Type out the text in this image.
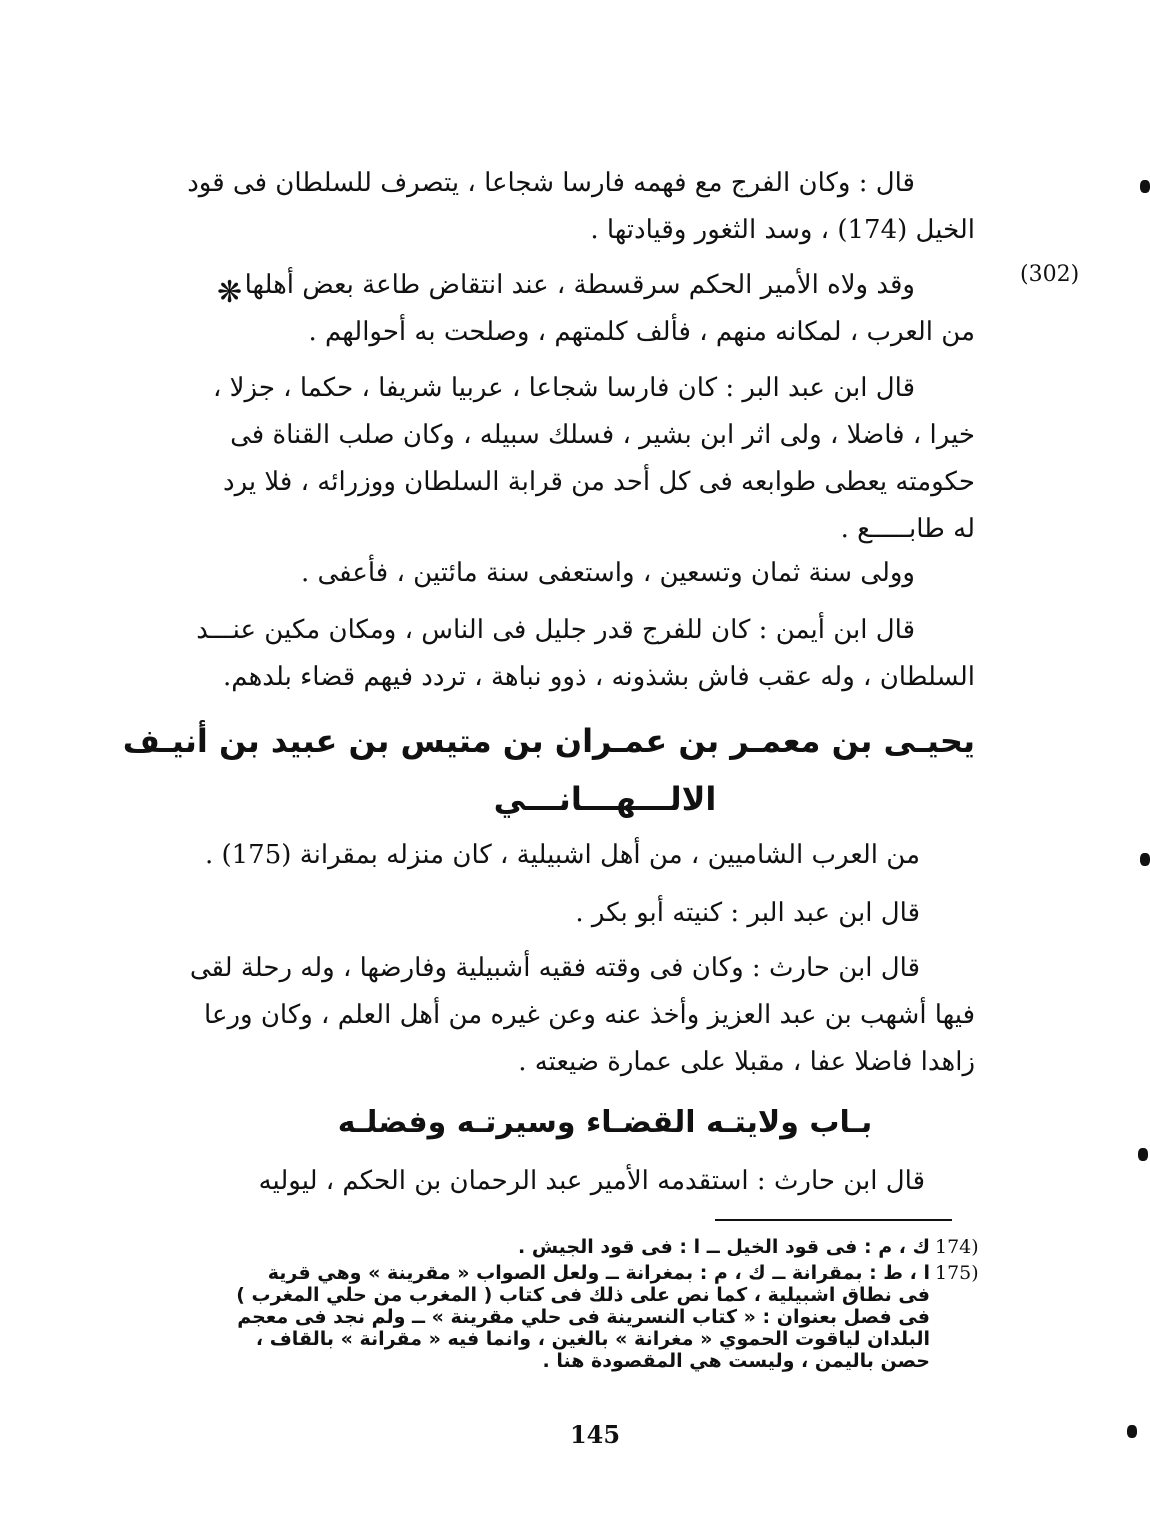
(302)
❋
قال : وكان الفرج مع فهمه فارسا شجاعا ، يتصرف للسلطان فى قود
الخيل (174) ، وسد الثغور وقيادتها .
وقد ولاه الأمير الحكم سرقسطة ، عند انتقاض طاعة بعض أهلها
من العرب ، لمكانه منهم ، فألف كلمتهم ، وصلحت به أحوالهم .
قال ابن عبد البر : كان فارسا شجاعا ، عربيا شريفا ، حكما ، جزلا ،
خيرا ، فاضلا ، ولى اثر ابن بشير ، فسلك سبيله ، وكان صلب القناة فى
حكومته يعطى طوابعه فى كل أحد من قرابة السلطان ووزرائه ، فلا يرد
له طابـــــع .
وولى سنة ثمان وتسعين ، واستعفى سنة مائتين ، فأعفى .
قال ابن أيمن : كان للفرج قدر جليل فى الناس ، ومكان مكين عنـــد
السلطان ، وله عقب فاش بشذونه ، ذوو نباهة ، تردد فيهم قضاء بلدهم.
يحيـى بن معمـر بن عمـران بن متيس بن عبيد بن أنيـف
الالـــهـــانـــي
من العرب الشاميين ، من أهل اشبيلية ، كان منزله بمقرانة (175) .
قال ابن عبد البر : كنيته أبو بكر .
قال ابن حارث : وكان فى وقته فقيه أشبيلية وفارضها ، وله رحلة لقى
فيها أشهب بن عبد العزيز وأخذ عنه وعن غيره من أهل العلم ، وكان ورعا
زاهدا فاضلا عفا ، مقبلا على عمارة ضيعته .
بـاب ولايتـه القضـاء وسيرتـه وفضلـه
قال ابن حارث : استقدمه الأمير عبد الرحمان بن الحكم ، ليوليه
174)
ك ، م : فى قود الخيل ــ ا : فى قود الجيش .
175)
ا ، ط : بمقرانة ــ ك ، م : بمغرانة ــ ولعل الصواب « مقرينة » وهي قرية
فى نطاق اشبيلية ، كما نص على ذلك فى كتاب ( المغرب من حلي المغرب )
فى فصل بعنوان : « كتاب النسرينة فى حلي مقرينة » ــ ولم نجد فى معجم
البلدان لياقوت الحموي « مغرانة » بالغين ، وانما فيه « مقرانة » بالقاف ،
حصن باليمن ، وليست هي المقصودة هنا .
145
